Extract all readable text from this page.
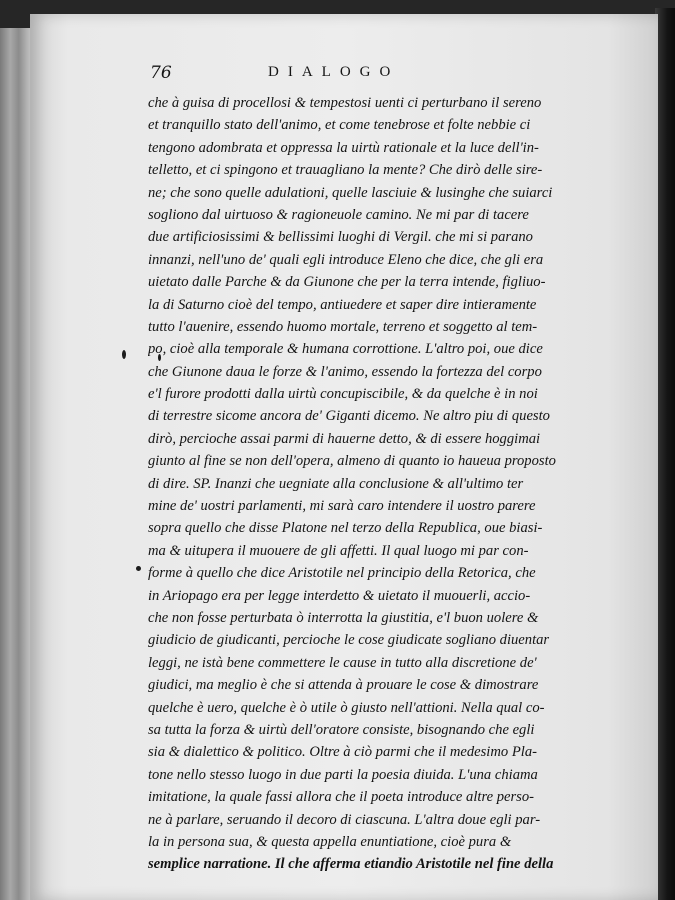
76	DIALOGO
che à guisa di procellosi & tempestosi uenti ci perturbano il sereno
et tranquillo stato dell'animo, et come tenebrose et folte nebbie ci
tengono adombrata et oppressa la uirtù rationale et la luce dell'in-
telletto, et ci spingono et trauagliano la mente? Che dirò delle sire-
ne; che sono quelle adulationi, quelle lasciuie & lusinghe che suiarci
sogliono dal uirtuoso & ragioneuole camino. Ne mi par di tacere
due artificiosissimi & bellissimi luoghi di Vergil. che mi si parano
innanzi, nell'uno de' quali egli introduce Eleno che dice, che gli era
uietato dalle Parche & da Giunone che per la terra intende, figliuo-
la di Saturno cioè del tempo, antiuedere et saper dire intieramente
tutto l'auenire, essendo huomo mortale, terreno et soggetto al tem-
po, cioè alla temporale & humana corrottione. L'altro poi, oue dice
che Giunone daua le forze & l'animo, essendo la fortezza del corpo
e'l furore prodotti dalla uirtù concupiscibile, & da quelche è in noi
di terrestre sicome ancora de' Giganti dicemo. Ne altro piu di questo
dirò, percioche assai parmi di hauerne detto, & di essere hoggimai
giunto al fine se non dell'opera, almeno di quanto io haueua proposto
di dire. SP. Inanzi che uegniate alla conclusione & all'ultimo ter
mine de' uostri parlamenti, mi sarà caro intendere il uostro parere
sopra quello che disse Platone nel terzo della Republica, oue biasi-
ma & uitupera il muouere de gli affetti. Il qual luogo mi par con-
forme à quello che dice Aristotile nel principio della Retorica, che
in Ariopago era per legge interdetto & uietato il muouerli, accio-
che non fosse perturbata ò interrotta la giustitia, e'l buon uolere &
giudicio de giudicanti, percioche le cose giudicate sogliano diuentar
leggi, ne istà bene commettere le cause in tutto alla discretione de'
giudici, ma meglio è che si attenda à prouare le cose & dimostrare
quelche è uero, quelche è ò utile ò giusto nell'attioni. Nella qual co-
sa tutta la forza & uirtù dell'oratore consiste, bisognando che egli
sia & dialettico & politico. Oltre à ciò parmi che il medesimo Pla-
tone nello stesso luogo in due parti la poesia diuida. L'una chiama
imitatione, la quale fassi allora che il poeta introduce altre perso-
ne à parlare, seruando il decoro di ciascuna. L'altra doue egli par-
la in persona sua, & questa appella enuntiatione, cioè pura &
semplice narratione. Il che afferma etiandio Aristotile nel fine della
